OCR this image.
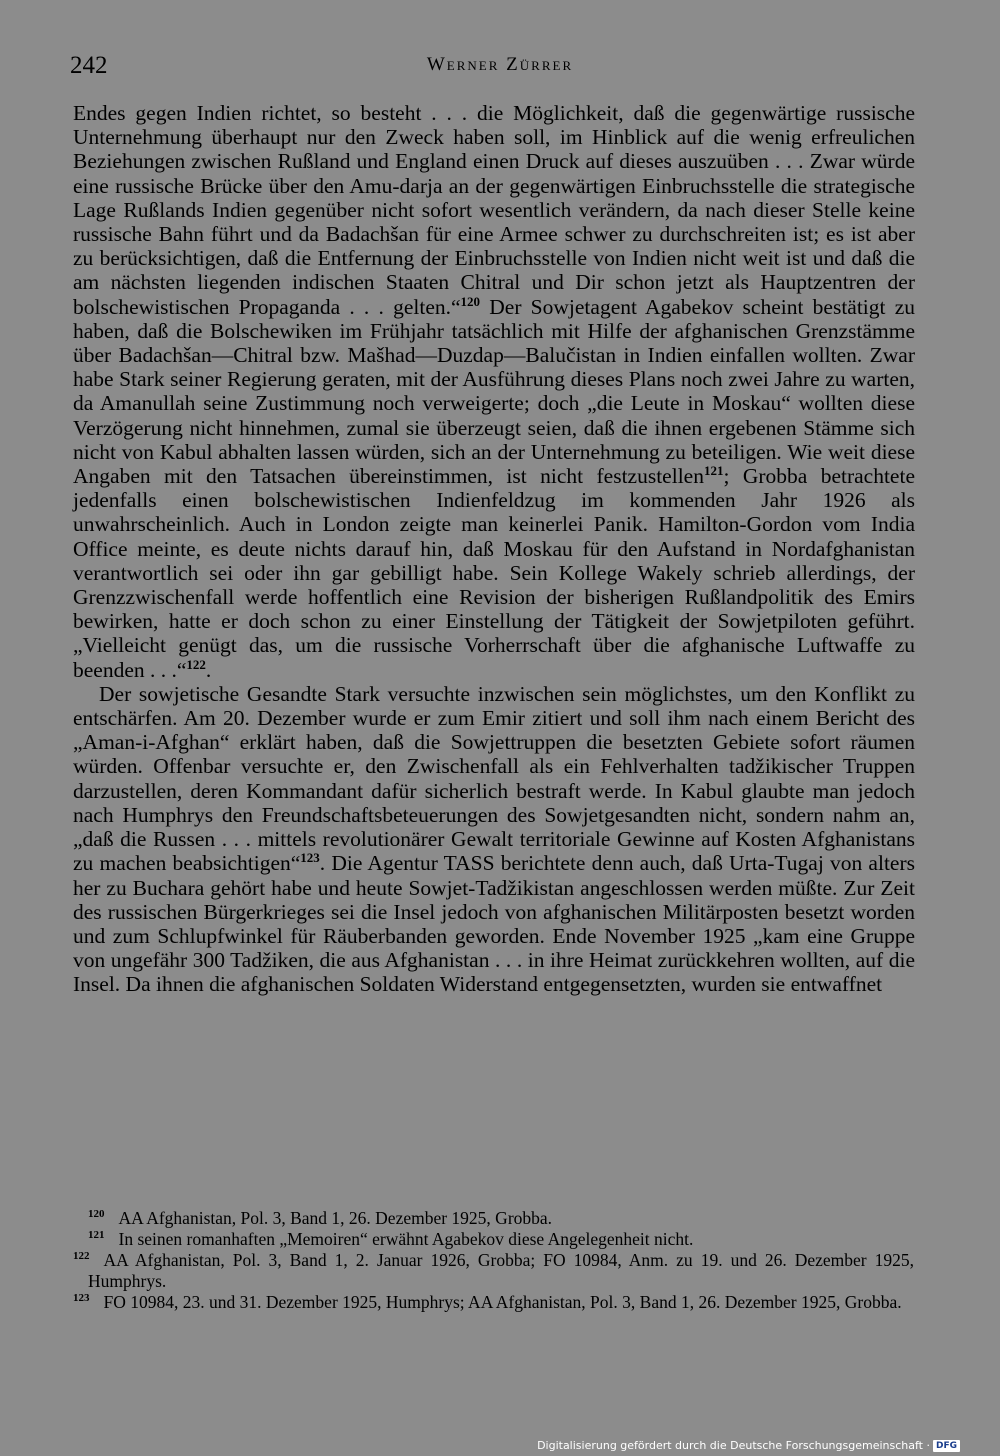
242	Werner Zürrer

Endes gegen Indien richtet, so besteht . . . die Möglichkeit, daß die gegenwärtige russische Unternehmung überhaupt nur den Zweck haben soll, im Hinblick auf die wenig erfreulichen Beziehungen zwischen Rußland und England einen Druck auf dieses auszuüben . . . Zwar würde eine russische Brücke über den Amu-darja an der gegenwärtigen Einbruchsstelle die strategische Lage Rußlands Indien gegenüber nicht sofort wesentlich verändern, da nach dieser Stelle keine russische Bahn führt und da Badachšan für eine Armee schwer zu durchschreiten ist; es ist aber zu berücksichtigen, daß die Entfernung der Einbruchsstelle von Indien nicht weit ist und daß die am nächsten liegenden indischen Staaten Chitral und Dir schon jetzt als Hauptzentren der bolschewistischen Propaganda . . . gelten.“$^{120}$ Der Sowjetagent Agabekov scheint bestätigt zu haben, daß die Bolschewiken im Frühjahr tatsächlich mit Hilfe der afghanischen Grenzstämme über Badachšan—Chitral bzw. Mašhad—Duzdap—Balučistan in Indien einfallen wollten. Zwar habe Stark seiner Regierung geraten, mit der Ausführung dieses Plans noch zwei Jahre zu warten, da Amanullah seine Zustimmung noch verweigerte; doch „die Leute in Moskau“ wollten diese Verzögerung nicht hinnehmen, zumal sie überzeugt seien, daß die ihnen ergebenen Stämme sich nicht von Kabul abhalten lassen würden, sich an der Unternehmung zu beteiligen. Wie weit diese Angaben mit den Tatsachen übereinstimmen, ist nicht festzustellen$^{121}$; Grobba betrachtete jedenfalls einen bolschewistischen Indienfeldzug im kommenden Jahr 1926 als unwahrscheinlich. Auch in London zeigte man keinerlei Panik. Hamilton-Gordon vom India Office meinte, es deute nichts darauf hin, daß Moskau für den Aufstand in Nordafghanistan verantwortlich sei oder ihn gar gebilligt habe. Sein Kollege Wakely schrieb allerdings, der Grenzzwischenfall werde hoffentlich eine Revision der bisherigen Rußlandpolitik des Emirs bewirken, hatte er doch schon zu einer Einstellung der Tätigkeit der Sowjetpiloten geführt. „Vielleicht genügt das, um die russische Vorherrschaft über die afghanische Luftwaffe zu beenden . . .“$^{122}$.

Der sowjetische Gesandte Stark versuchte inzwischen sein möglichstes, um den Konflikt zu entschärfen. Am 20. Dezember wurde er zum Emir zitiert und soll ihm nach einem Bericht des „Aman-i-Afghan“ erklärt haben, daß die Sowjettruppen die besetzten Gebiete sofort räumen würden. Offenbar versuchte er, den Zwischenfall als ein Fehlverhalten tadžikischer Truppen darzustellen, deren Kommandant dafür sicherlich bestraft werde. In Kabul glaubte man jedoch nach Humphrys den Freundschaftsbeteuerungen des Sowjetgesandten nicht, sondern nahm an, „daß die Russen . . . mittels revolutionärer Gewalt territoriale Gewinne auf Kosten Afghanistans zu machen beabsichtigen“$^{123}$. Die Agentur TASS berichtete denn auch, daß Urta-Tugaj von alters her zu Buchara gehört habe und heute Sowjet-Tadžikistan angeschlossen werden müßte. Zur Zeit des russischen Bürgerkrieges sei die Insel jedoch von afghanischen Militärposten besetzt worden und zum Schlupfwinkel für Räuberbanden geworden. Ende November 1925 „kam eine Gruppe von ungefähr 300 Tadžiken, die aus Afghanistan . . . in ihre Heimat zurückkehren wollten, auf die Insel. Da ihnen die afghanischen Soldaten Widerstand entgegensetzten, wurden sie entwaffnet

$^{120}$ AA Afghanistan, Pol. 3, Band 1, 26. Dezember 1925, Grobba.

$^{121}$ In seinen romanhaften „Memoiren“ erwähnt Agabekov diese Angelegenheit nicht.

$^{122}$ AA Afghanistan, Pol. 3, Band 1, 2. Januar 1926, Grobba; FO 10984, Anm. zu 19. und 26. Dezember 1925, Humphrys.

$^{123}$ FO 10984, 23. und 31. Dezember 1925, Humphrys; AA Afghanistan, Pol. 3, Band 1, 26. Dezember 1925, Grobba.

Digitalisierung gefördert durch die Deutsche Forschungsgemeinschaft · DFG
